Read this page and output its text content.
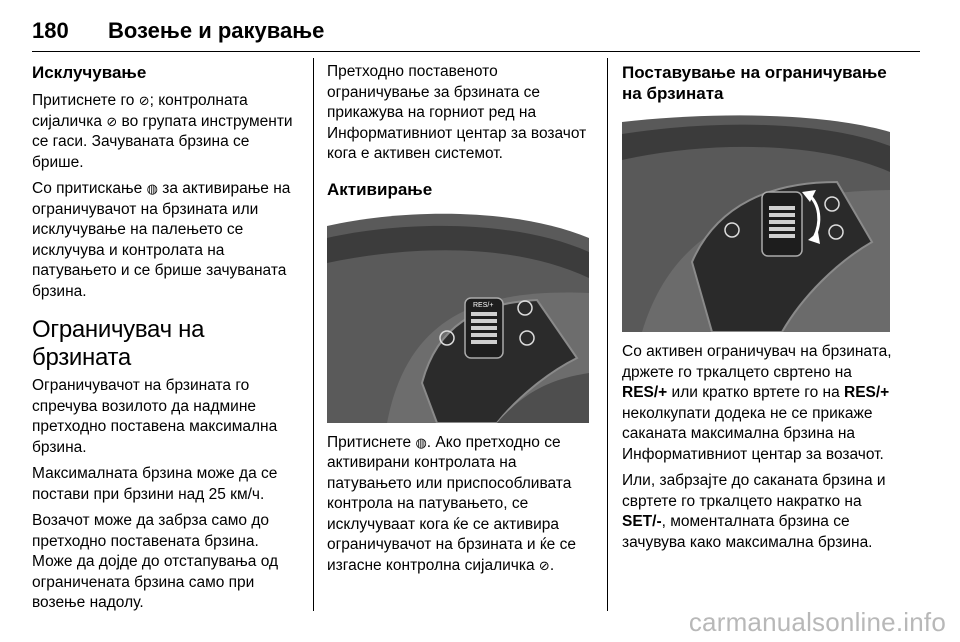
180 Возење и ракување
Исклучување

Притиснете го ⊘; контролната сијаличка ⊘ во групата инструменти се гаси. Зачуваната брзина се брише.

Со притискање ◍ за активирање на ограничувачот на брзината или исклучување на палењето се исклучува и контролата на патувањето и се брише зачуваната брзина.

Ограничувач на брзината

Ограничувачот на брзината го спречува возилото да надмине претходно поставена максимална брзина.

Максималната брзина може да се постави при брзини над 25 км/ч.

Возачот може да забрза само до претходно поставената брзина. Може да дојде до отстапувања од ограничената брзина само при возење надолу.

Претходно поставеното ограничување за брзината се прикажува на горниот ред на Информативниот центар за возачот кога е активен системот.

Активирање
RES/+

Притиснете ◍. Ако претходно се активирани контролата на патувањето или приспособливата контрола на патувањето, се исклучуваат кога ќе се активира ограничувачот на брзината и ќе се изгасне контролна сијаличка ⊘.

Поставување на ограничувањe на брзината

Со активен ограничувач на брзината, држете го тркалцето свртено на RES/+ или кратко вртете го на RES/+ неколкупати додека не се прикаже саканата максимална брзина на Информативниот центар за возачот.

Или, забрзајте до саканата брзина и свртете го тркалцето накратко на SET/-, моменталната брзина се зачувува како максимална брзина.

carmanualsonline.info
